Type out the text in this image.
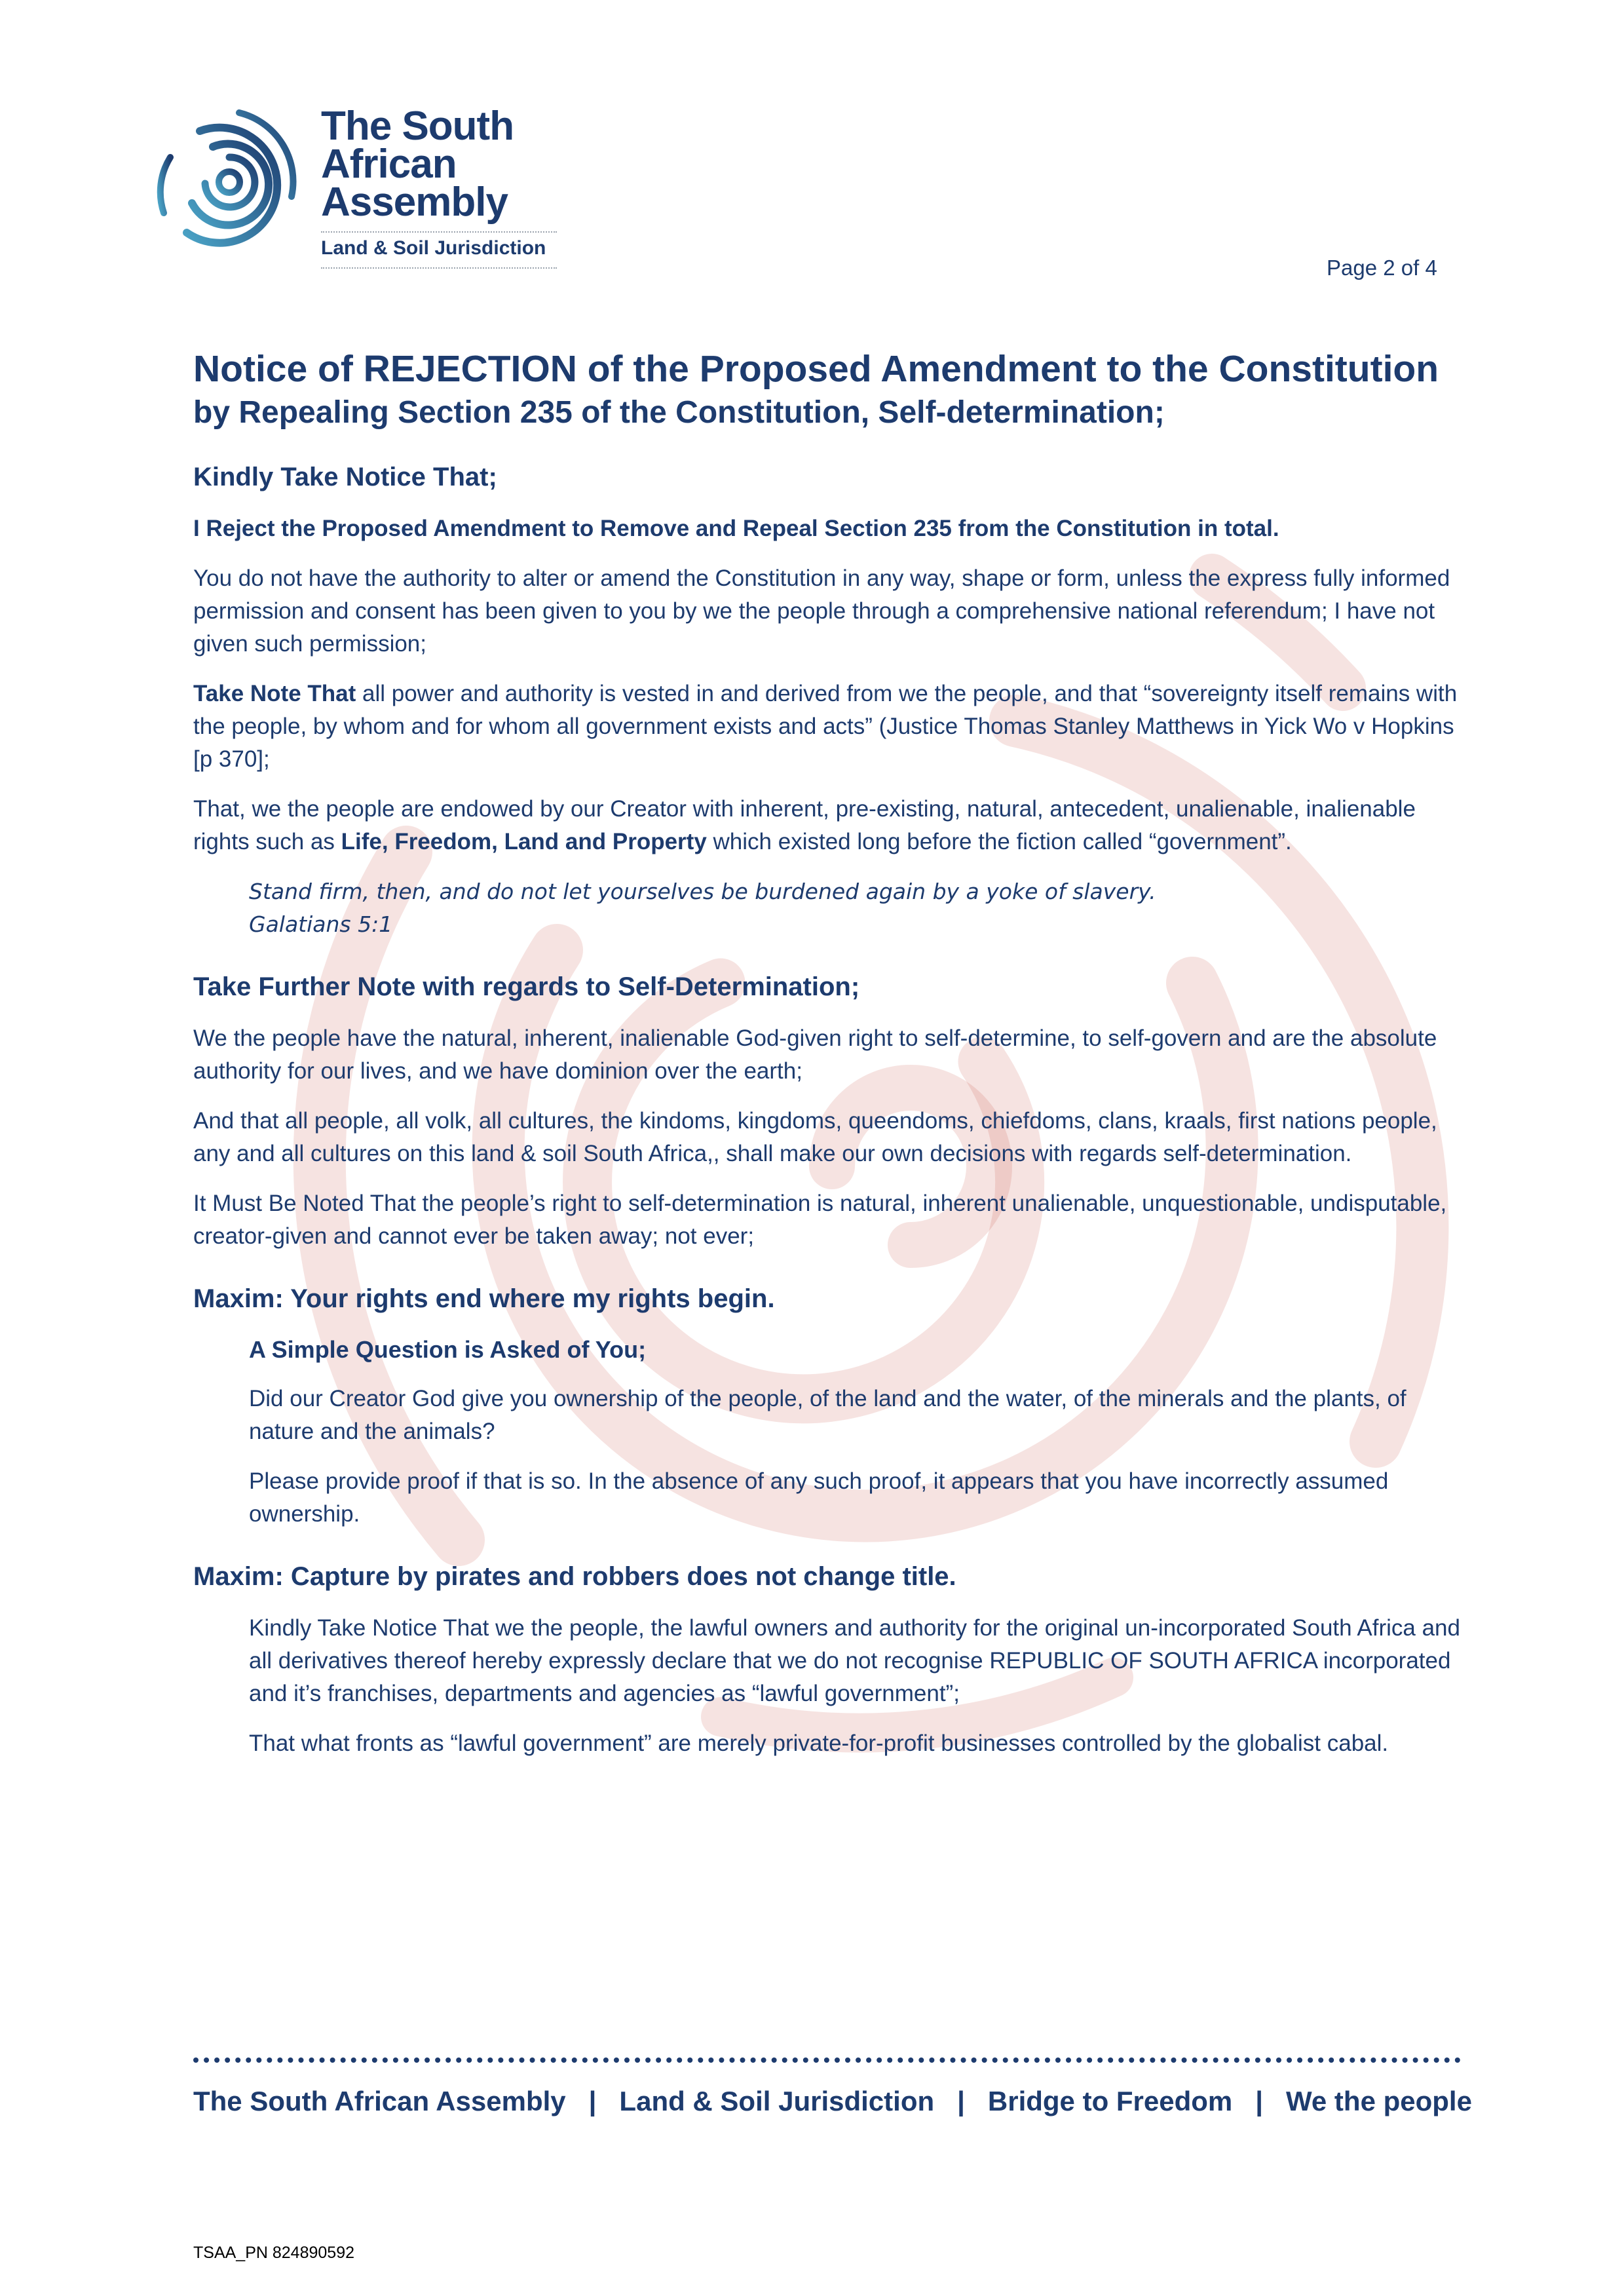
The South
African
Assembly
Land & Soil Jurisdiction
Page 2 of 4
Notice of REJECTION of the Proposed Amendment to the Constitution
by Repealing Section 235 of the Constitution, Self-determination;
Kindly Take Notice That;

I Reject the Proposed Amendment to Remove and Repeal Section 235 from the Constitution in total.

You do not have the authority to alter or amend the Constitution in any way, shape or form, unless the express fully informed permission and consent has been given to you by we the people through a comprehensive national referendum; I have not given such permission;

Take Note That all power and authority is vested in and derived from we the people, and that “sovereignty itself remains with the people, by whom and for whom all government exists and acts” (Justice Thomas Stanley Matthews in Yick Wo v Hopkins [p 370];

That, we the people are endowed by our Creator with inherent, pre-existing, natural, antecedent, unalienable, inalienable rights such as Life, Freedom, Land and Property which existed long before the fiction called “government”.

Stand firm, then, and do not let yourselves be burdened again by a yoke of slavery.
Galatians 5:1
Take Further Note with regards to Self-Determination;

We the people have the natural, inherent, inalienable God-given right to self-determine, to self-govern and are the absolute authority for our lives, and we have dominion over the earth;

And that all people, all volk, all cultures, the kindoms, kingdoms, queendoms, chiefdoms, clans, kraals, first nations people, any and all cultures on this land & soil South Africa,, shall make our own decisions with regards self-determination.

It Must Be Noted That the people’s right to self-determination is natural, inherent unalienable, unquestionable, undisputable, creator-given and cannot ever be taken away; not ever;

Maxim: Your rights end where my rights begin.
A Simple Question is Asked of You;

Did our Creator God give you ownership of the people, of the land and the water, of the minerals and the plants, of nature and the animals?

Please provide proof if that is so. In the absence of any such proof, it appears that you have incorrectly assumed ownership.

Maxim: Capture by pirates and robbers does not change title.

Kindly Take Notice That we the people, the lawful owners and authority for the original un-incorporated South Africa and all derivatives thereof hereby expressly declare that we do not recognise REPUBLIC OF SOUTH AFRICA incorporated and it’s franchises, departments and agencies as “lawful government”;

That what fronts as “lawful government” are merely private-for-profit businesses controlled by the globalist cabal.

The South African Assembly   |   Land & Soil Jurisdiction   |   Bridge to Freedom   |   We the people
TSAA_PN 824890592
